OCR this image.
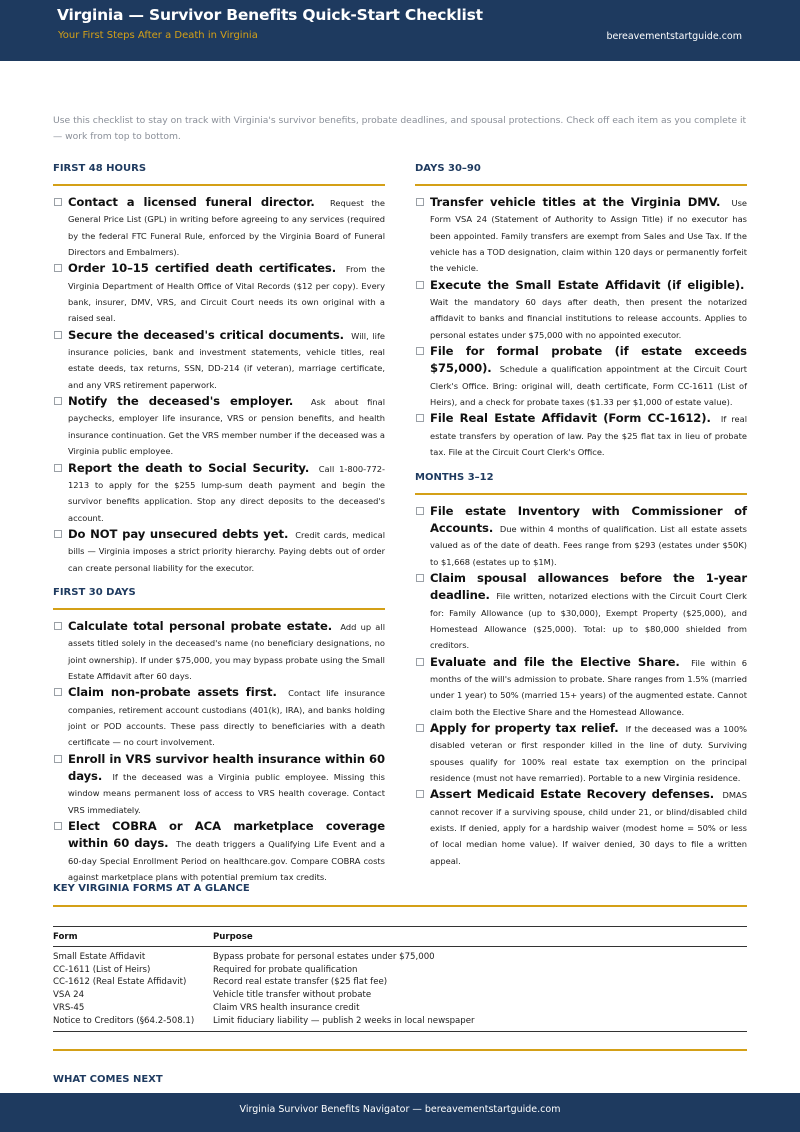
Virginia — Survivor Benefits Quick-Start Checklist
Your First Steps After a Death in Virginia	bereavementstartguide.com
Use this checklist to stay on track with Virginia's survivor benefits, probate deadlines, and spousal protections. Check off each item as you complete it — work from top to bottom.
FIRST 48 HOURS
Contact a licensed funeral director. Request the General Price List (GPL) in writing before agreeing to any services (required by the federal FTC Funeral Rule, enforced by the Virginia Board of Funeral Directors and Embalmers).
Order 10–15 certified death certificates. From the Virginia Department of Health Office of Vital Records ($12 per copy). Every bank, insurer, DMV, VRS, and Circuit Court needs its own original with a raised seal.
Secure the deceased's critical documents. Will, life insurance policies, bank and investment statements, vehicle titles, real estate deeds, tax returns, SSN, DD-214 (if veteran), marriage certificate, and any VRS retirement paperwork.
Notify the deceased's employer. Ask about final paychecks, employer life insurance, VRS or pension benefits, and health insurance continuation. Get the VRS member number if the deceased was a Virginia public employee.
Report the death to Social Security. Call 1-800-772-1213 to apply for the $255 lump-sum death payment and begin the survivor benefits application. Stop any direct deposits to the deceased's account.
Do NOT pay unsecured debts yet. Credit cards, medical bills — Virginia imposes a strict priority hierarchy. Paying debts out of order can create personal liability for the executor.
FIRST 30 DAYS
Calculate total personal probate estate. Add up all assets titled solely in the deceased's name (no beneficiary designations, no joint ownership). If under $75,000, you may bypass probate using the Small Estate Affidavit after 60 days.
Claim non-probate assets first. Contact life insurance companies, retirement account custodians (401(k), IRA), and banks holding joint or POD accounts. These pass directly to beneficiaries with a death certificate — no court involvement.
Enroll in VRS survivor health insurance within 60 days. If the deceased was a Virginia public employee. Missing this window means permanent loss of access to VRS health coverage. Contact VRS immediately.
Elect COBRA or ACA marketplace coverage within 60 days. The death triggers a Qualifying Life Event and a 60-day Special Enrollment Period on healthcare.gov. Compare COBRA costs against marketplace plans with potential premium tax credits.
DAYS 30–90
Transfer vehicle titles at the Virginia DMV. Use Form VSA 24 (Statement of Authority to Assign Title) if no executor has been appointed. Family transfers are exempt from Sales and Use Tax. If the vehicle has a TOD designation, claim within 120 days or permanently forfeit the vehicle.
Execute the Small Estate Affidavit (if eligible).  Wait the mandatory 60 days after death, then present the notarized affidavit to banks and financial institutions to release accounts. Applies to personal estates under $75,000 with no appointed executor.
File for formal probate (if estate exceeds $75,000). Schedule a qualification appointment at the Circuit Court Clerk's Office. Bring: original will, death certificate, Form CC-1611 (List of Heirs), and a check for probate taxes ($1.33 per $1,000 of estate value).
File Real Estate Affidavit (Form CC-1612). If real estate transfers by operation of law. Pay the $25 flat tax in lieu of probate tax. File at the Circuit Court Clerk's Office.
MONTHS 3–12
File estate Inventory with Commissioner of Accounts. Due within 4 months of qualification. List all estate assets valued as of the date of death. Fees range from $293 (estates under $50K) to $1,668 (estates up to $1M).
Claim spousal allowances before the 1-year deadline. File written, notarized elections with the Circuit Court Clerk for: Family Allowance (up to $30,000), Exempt Property ($25,000), and Homestead Allowance ($25,000). Total: up to $80,000 shielded from creditors.
Evaluate and file the Elective Share. File within 6 months of the will's admission to probate. Share ranges from 1.5% (married under 1 year) to 50% (married 15+ years) of the augmented estate. Cannot claim both the Elective Share and the Homestead Allowance.
Apply for property tax relief. If the deceased was a 100% disabled veteran or first responder killed in the line of duty. Surviving spouses qualify for 100% real estate tax exemption on the principal residence (must not have remarried). Portable to a new Virginia residence.
Assert Medicaid Estate Recovery defenses. DMAS cannot recover if a surviving spouse, child under 21, or blind/disabled child exists. If denied, apply for a hardship waiver (modest home = 50% or less of local median home value). If waiver denied, 30 days to file a written appeal.
KEY VIRGINIA FORMS AT A GLANCE
Form	Purpose
Small Estate Affidavit	Bypass probate for personal estates under $75,000
CC-1611 (List of Heirs)	Required for probate qualification
CC-1612 (Real Estate Affidavit)	Record real estate transfer ($25 flat fee)
VSA 24	Vehicle title transfer without probate
VRS-45	Claim VRS health insurance credit
Notice to Creditors (§64.2-508.1)	Limit fiduciary liability — publish 2 weeks in local newspaper
WHAT COMES NEXT
Virginia Survivor Benefits Navigator — bereavementstartguide.com
